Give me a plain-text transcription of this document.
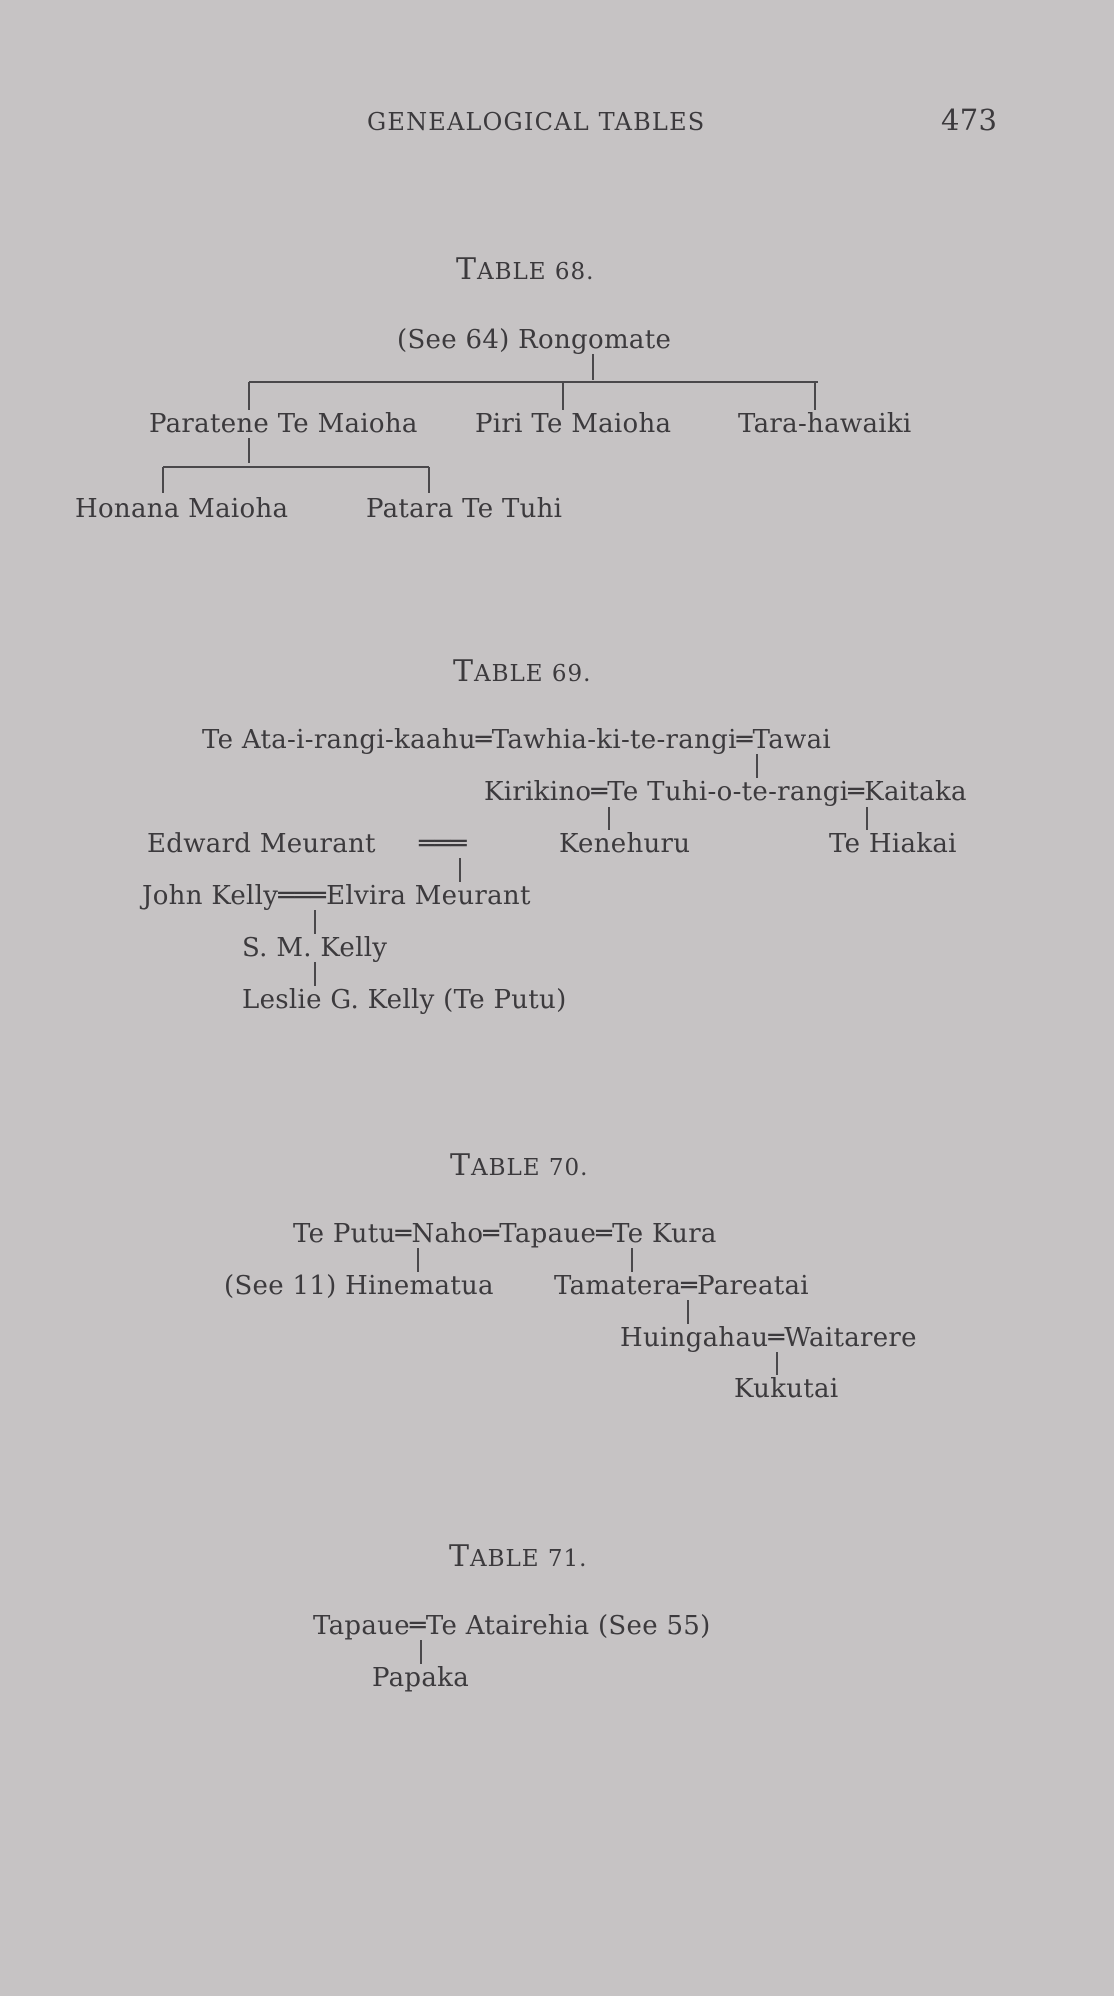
GENEALOGICAL TABLES	473
TABLE 68.
(See 64) Rongomate
Paratene Te Maioha Piri Te Maioha	Tara-hawaiki
Honana Maioha	Patara Te Tuhi
TABLE 69.
Te Ata-i-rangi-kaahu═Tawhia-ki-te-rangi═Tawai
Kirikino═Te Tuhi-o-te-rangi═Kaitaka
Edward Meurant ═══	Kenehuru	Te Hiakai
John Kelly═══Elvira Meurant
S. M. Kelly
Leslie G. Kelly (Te Putu)
TABLE 70.
Te Putu═Naho═Tapaue═Te Kura
(See 11) Hinematua Tamatera═Pareatai
Huingahau═Waitarere
Kukutai
TABLE 71.
Tapaue═Te Atairehia (See 55)
Papaka
